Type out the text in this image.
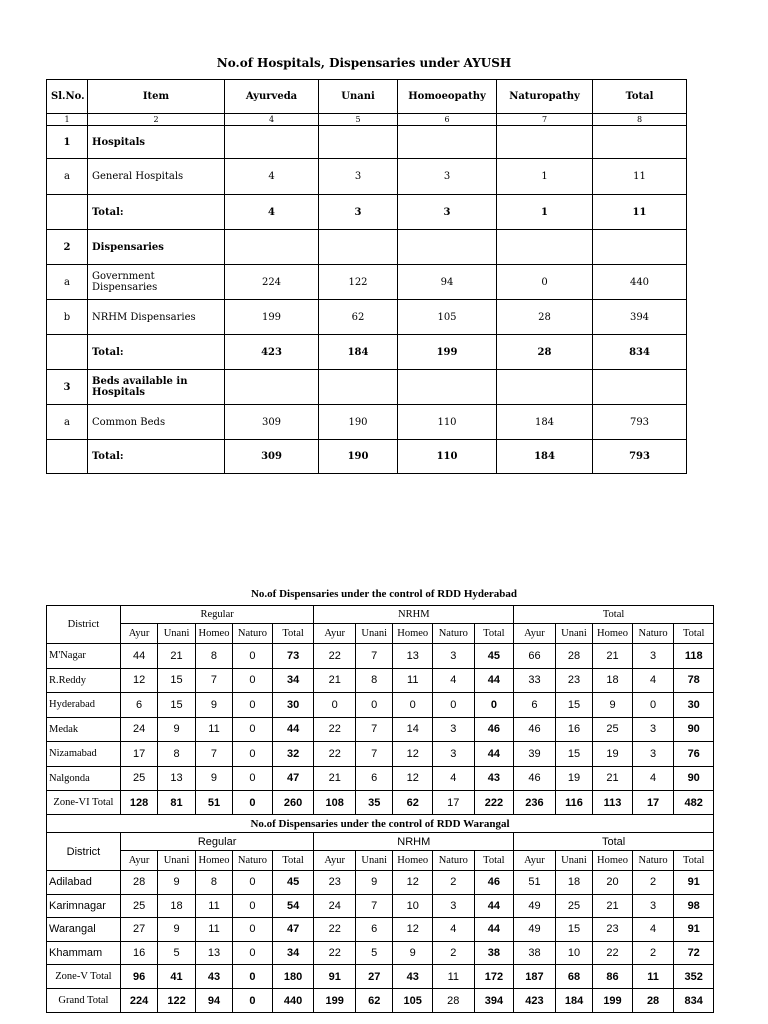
No.of Hospitals, Dispensaries under AYUSH
Sl.No.	Item	Ayurveda	Unani	Homoeopathy	Naturopathy	Total
1	2	4	5	6	7	8
1	Hospitals					
a	General Hospitals	4	3	3	1	11
	Total:	4	3	3	1	11
2	Dispensaries					
a	Government Dispensaries	224	122	94	0	440
b	NRHM Dispensaries	199	62	105	28	394
	Total:	423	184	199	28	834
3	Beds available in Hospitals					
a	Common Beds	309	190	110	184	793
	Total:	309	190	110	184	793
No.of Dispensaries under the control of RDD Hyderabad
District	Regular					NRHM					Total				
	Ayur	Unani	Homeo	Naturo	Total	Ayur	Unani	Homeo	Naturo	Total	Ayur	Unani	Homeo	Naturo	Total
M'Nagar	44	21	8	0	73	22	7	13	3	45	66	28	21	3	118
R.Reddy	12	15	7	0	34	21	8	11	4	44	33	23	18	4	78
Hyderabad	6	15	9	0	30	0	0	0	0	0	6	15	9	0	30
Medak	24	9	11	0	44	22	7	14	3	46	46	16	25	3	90
Nizamabad	17	8	7	0	32	22	7	12	3	44	39	15	19	3	76
Nalgonda	25	13	9	0	47	21	6	12	4	43	46	19	21	4	90
Zone-VI Total	128	81	51	0	260	108	35	62	17	222	236	116	113	17	482
No.of Dispensaries under the control of RDD Warangal															
District	Regular					NRHM					Total				
	Ayur	Unani	Homeo	Naturo	Total	Ayur	Unani	Homeo	Naturo	Total	Ayur	Unani	Homeo	Naturo	Total
Adilabad	28	9	8	0	45	23	9	12	2	46	51	18	20	2	91
Karimnagar	25	18	11	0	54	24	7	10	3	44	49	25	21	3	98
Warangal	27	9	11	0	47	22	6	12	4	44	49	15	23	4	91
Khammam	16	5	13	0	34	22	5	9	2	38	38	10	22	2	72
Zone-V Total	96	41	43	0	180	91	27	43	11	172	187	68	86	11	352
Grand Total	224	122	94	0	440	199	62	105	28	394	423	184	199	28	834
